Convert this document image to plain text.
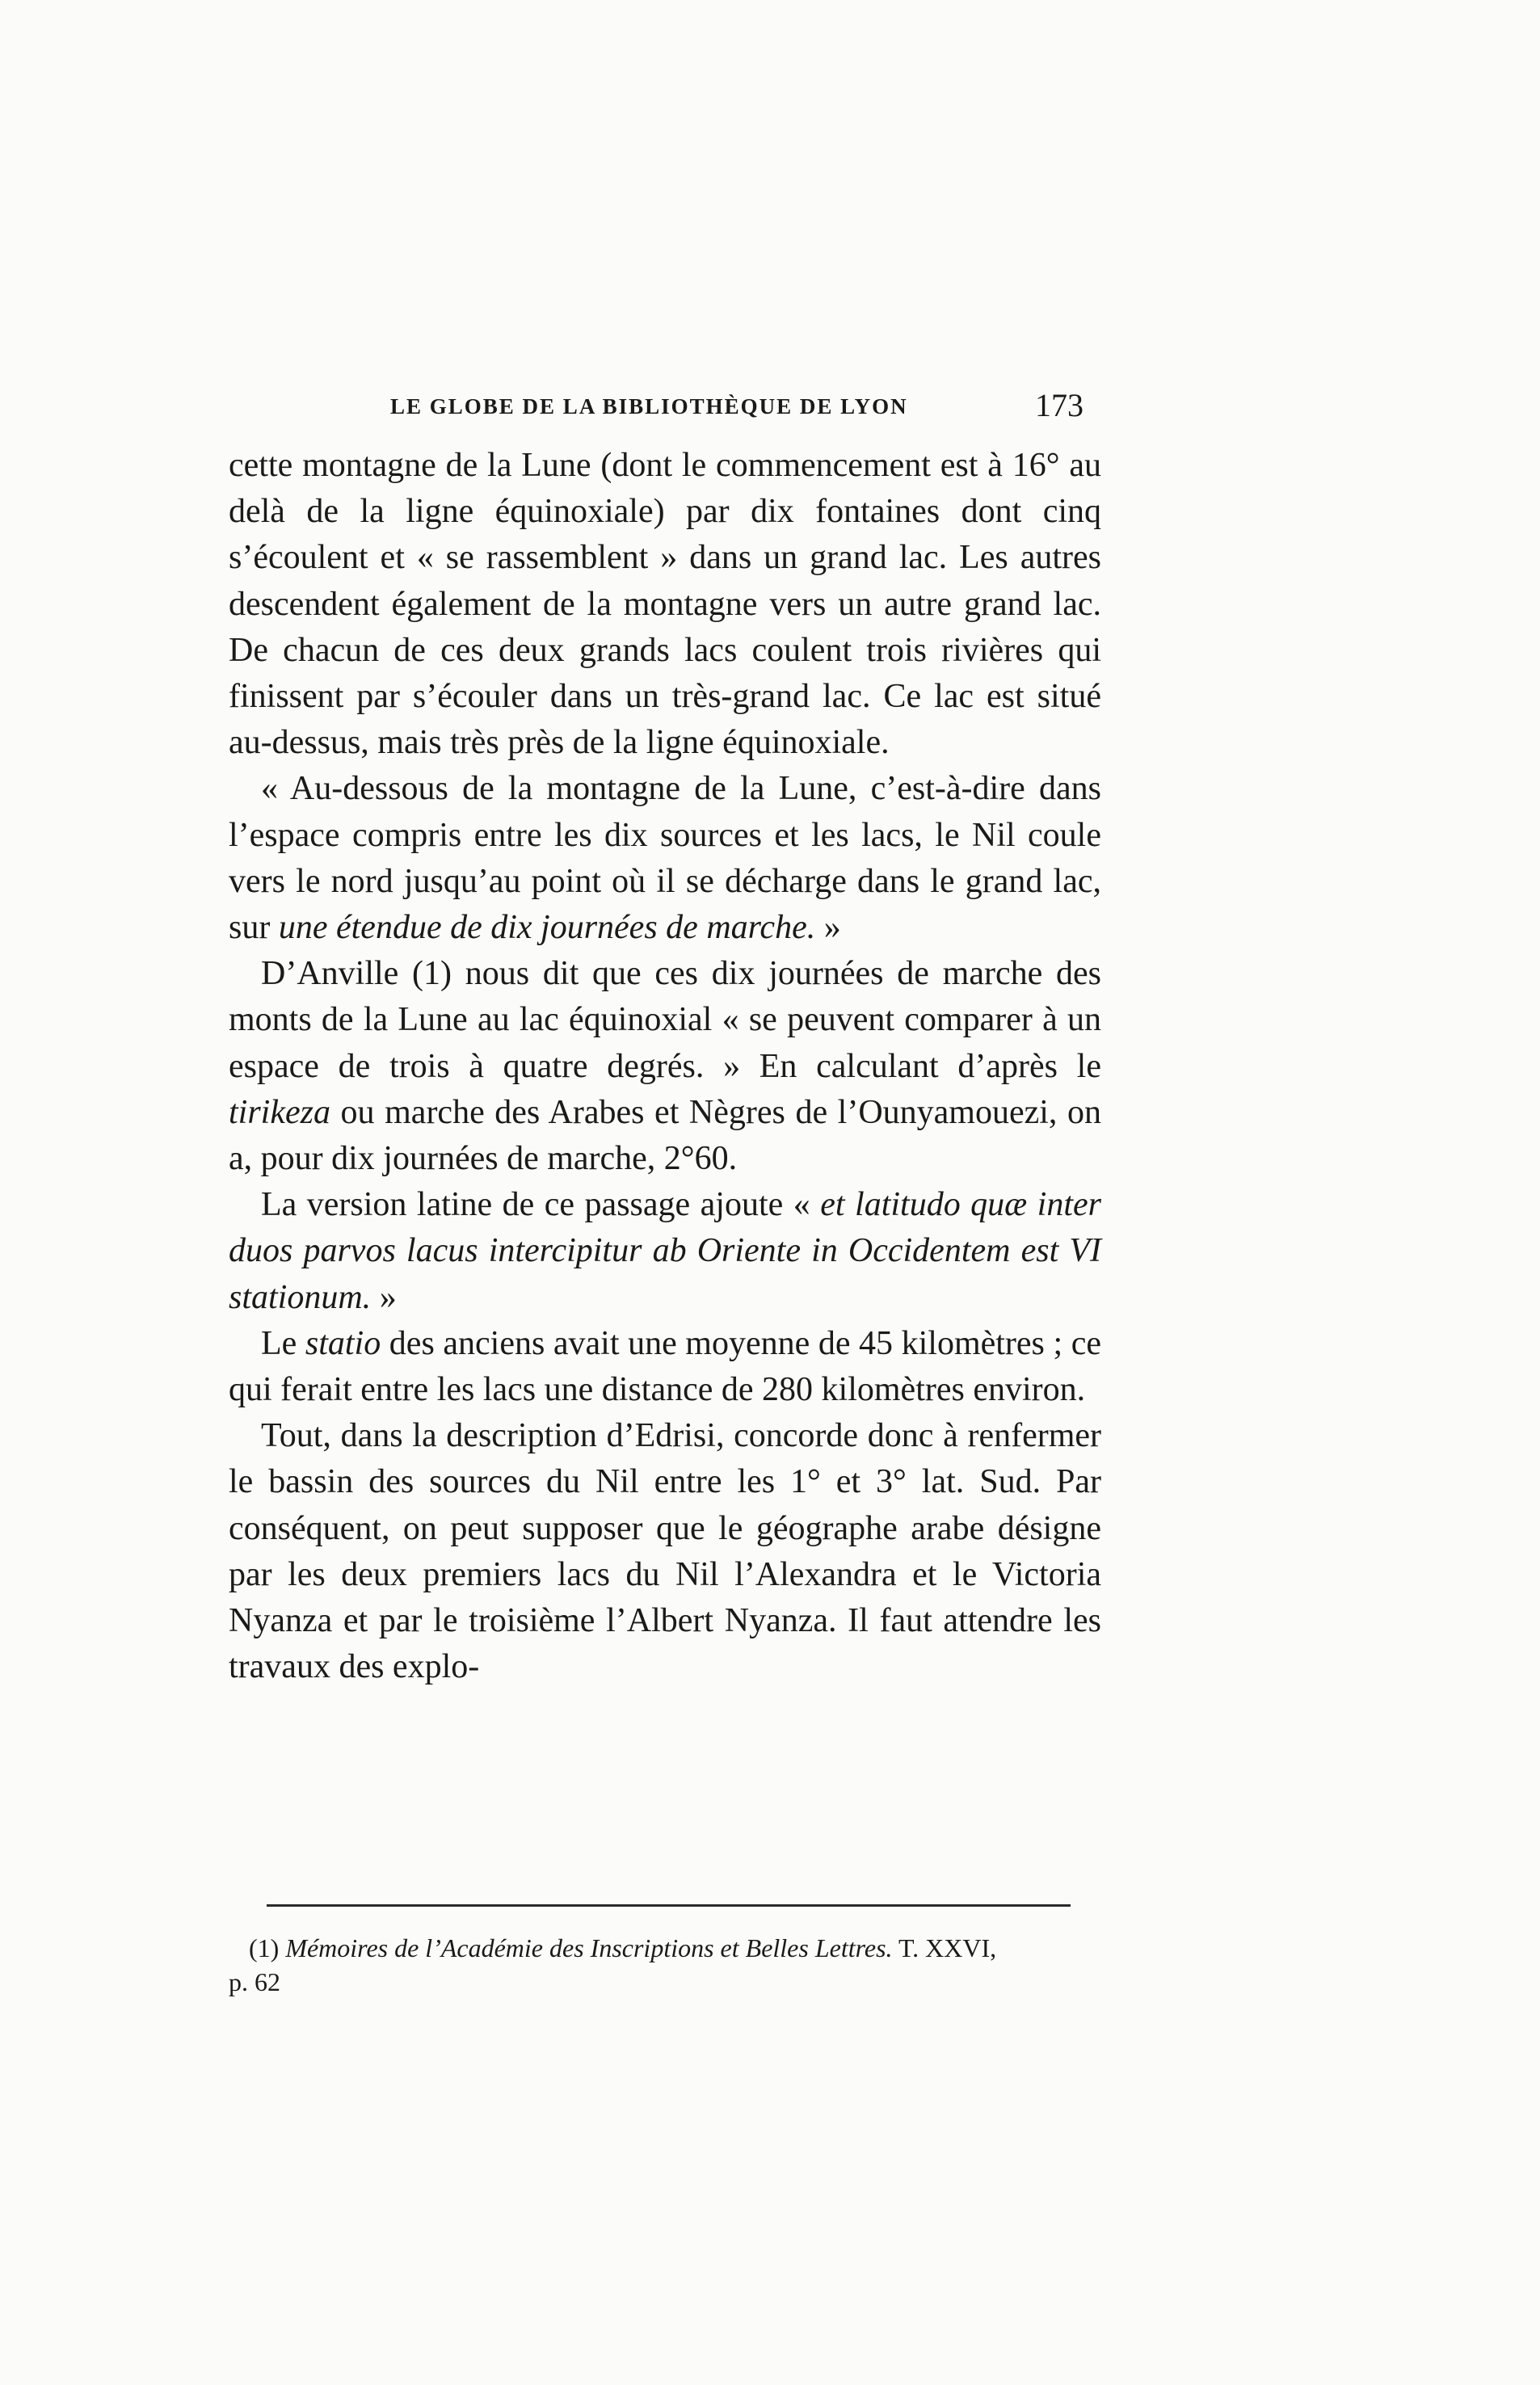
LE GLOBE DE LA BIBLIOTHÈQUE DE LYON	173

cette montagne de la Lune (dont le commencement est à 16° au delà de la ligne équinoxiale) par dix fontaines dont cinq s’écoulent et « se rassemblent » dans un grand lac. Les autres descendent également de la montagne vers un autre grand lac. De chacun de ces deux grands lacs coulent trois rivières qui finissent par s’écouler dans un très-grand lac. Ce lac est situé au-dessus, mais très près de la ligne équinoxiale.

« Au-dessous de la montagne de la Lune, c’est-à-dire dans l’espace compris entre les dix sources et les lacs, le Nil coule vers le nord jusqu’au point où il se décharge dans le grand lac, sur une étendue de dix journées de marche. »

D’Anville (1) nous dit que ces dix journées de marche des monts de la Lune au lac équinoxial « se peuvent comparer à un espace de trois à quatre degrés. » En calculant d’après le tirikeza ou marche des Arabes et Nègres de l’Ounyamouezi, on a, pour dix journées de marche, 2°60.

La version latine de ce passage ajoute « et latitudo quæ inter duos parvos lacus intercipitur ab Oriente in Occidentem est VI stationum. »

Le statio des anciens avait une moyenne de 45 kilomètres ; ce qui ferait entre les lacs une distance de 280 kilomètres environ.

Tout, dans la description d’Edrisi, concorde donc à renfermer le bassin des sources du Nil entre les 1° et 3° lat. Sud. Par conséquent, on peut supposer que le géographe arabe désigne par les deux premiers lacs du Nil l’Alexandra et le Victoria Nyanza et par le troisième l’Albert Nyanza. Il faut attendre les travaux des explo-

(1) Mémoires de l’Académie des Inscriptions et Belles Lettres. T. XXVI,
p. 62
